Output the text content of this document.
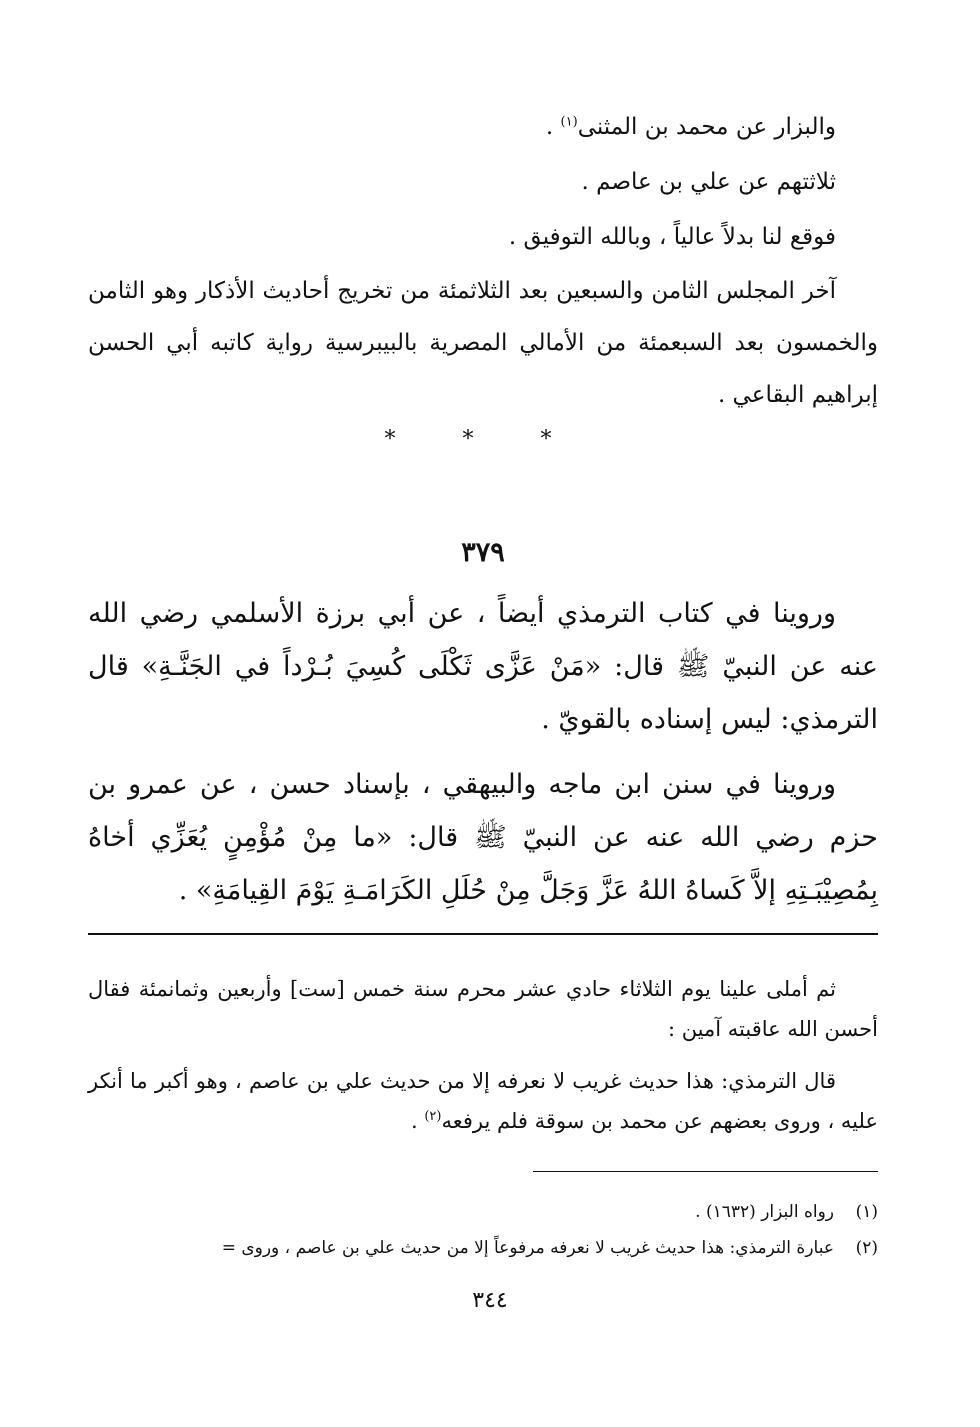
والبزار عن محمد بن المثنى$^{(١)}$ .

ثلاثتهم عن علي بن عاصم .

فوقع لنا بدلاً عالياً ، وبالله التوفيق .

آخر المجلس الثامن والسبعين بعد الثلاثمئة من تخريج أحاديث الأذكار وهو الثامن والخمسون بعد السبعمئة من الأمالي المصرية بالبيبرسية رواية كاتبه أبي الحسن إبراهيم البقاعي .

* * *
٣٧٩

وروينا في كتاب الترمذي أيضاً ، عن أبي برزة الأسلمي رضي الله عنه عن النبيّ ﷺ قال: «مَنْ عَزَّى ثَكْلَى كُسِيَ بُـرْداً في الجَنَّـةِ» قال الترمذي: ليس إسناده بالقويّ .

وروينا في سنن ابن ماجه والبيهقي ، بإسناد حسن ، عن عمرو بن حزم رضي الله عنه عن النبيّ ﷺ قال: «ما مِنْ مُؤْمِنٍ يُعَزِّي أخاهُ بِمُصِيْبَـتِهِ إلاَّ كَساهُ اللهُ عَزَّ وَجَلَّ مِنْ حُلَلِ الكَرَامَـةِ يَوْمَ القِيامَةِ» .

ثم أملى علينا يوم الثلاثاء حادي عشر محرم سنة خمس [ست] وأربعين وثمانمئة فقال أحسن الله عاقبته آمين :

قال الترمذي: هذا حديث غريب لا نعرفه إلا من حديث علي بن عاصم ، وهو أكبر ما أنكر عليه ، وروى بعضهم عن محمد بن سوقة فلم يرفعه$^{(٢)}$ .

(١)رواه البزار (١٦٣٢) .

(٢)عبارة الترمذي: هذا حديث غريب لا نعرفه مرفوعاً إلا من حديث علي بن عاصم ، وروى =

٣٤٤
